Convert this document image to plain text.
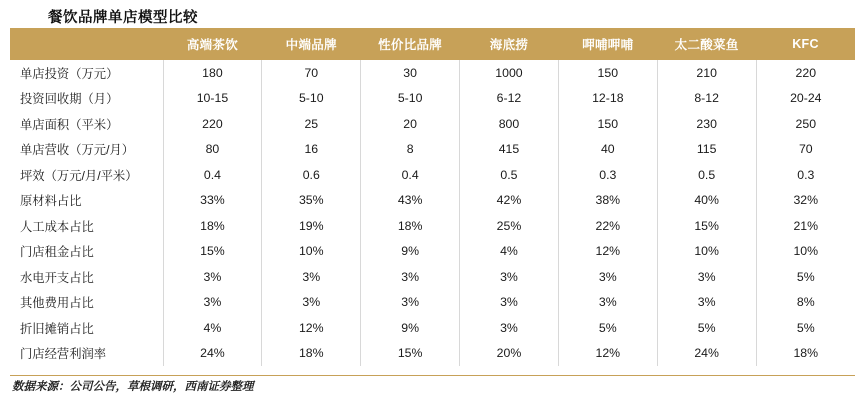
餐饮品牌单店模型比较
	高端茶饮	中端品牌	性价比品牌	海底捞	呷哺呷哺	太二酸菜鱼	KFC
单店投资（万元）	180	70	30	1000	150	210	220
投资回收期（月）	10-15	5-10	5-10	6-12	12-18	8-12	20-24
单店面积（平米）	220	25	20	800	150	230	250
单店营收（万元/月）	80	16	8	415	40	115	70
坪效（万元/月/平米）	0.4	0.6	0.4	0.5	0.3	0.5	0.3
原材料占比	33%	35%	43%	42%	38%	40%	32%
人工成本占比	18%	19%	18%	25%	22%	15%	21%
门店租金占比	15%	10%	9%	4%	12%	10%	10%
水电开支占比	3%	3%	3%	3%	3%	3%	5%
其他费用占比	3%	3%	3%	3%	3%	3%	8%
折旧摊销占比	4%	12%	9%	3%	5%	5%	5%
门店经营利润率	24%	18%	15%	20%	12%	24%	18%
数据来源：公司公告，草根调研，西南证券整理
